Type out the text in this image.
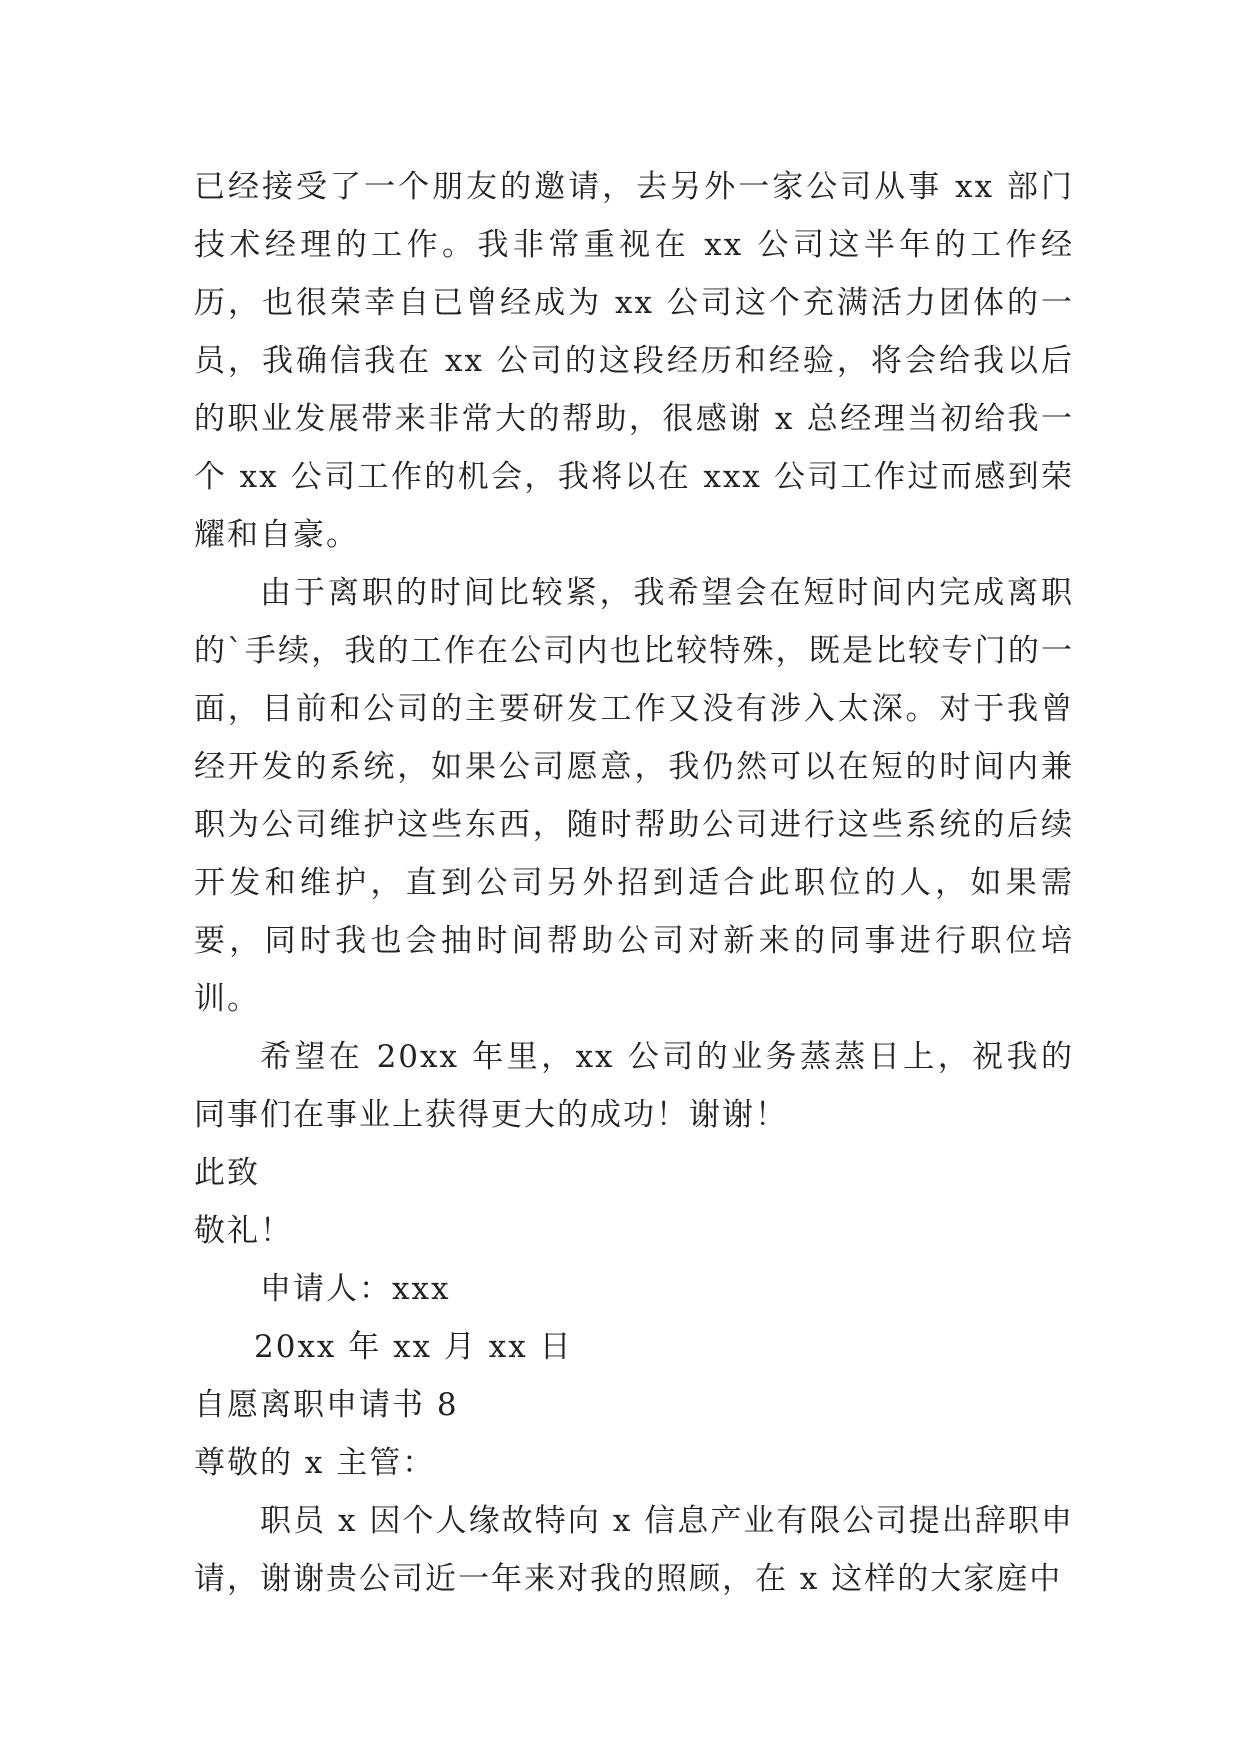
已经接受了一个朋友的邀请，去另外一家公司从事 xx 部门技术经理的工作。我非常重视在 xx 公司这半年的工作经历，也很荣幸自已曾经成为 xx 公司这个充满活力团体的一员，我确信我在 xx 公司的这段经历和经验，将会给我以后的职业发展带来非常大的帮助，很感谢 x 总经理当初给我一个 xx 公司工作的机会，我将以在 xxx 公司工作过而感到荣耀和自豪。

由于离职的时间比较紧，我希望会在短时间内完成离职的`手续，我的工作在公司内也比较特殊，既是比较专门的一面，目前和公司的主要研发工作又没有涉入太深。对于我曾经开发的系统，如果公司愿意，我仍然可以在短的时间内兼职为公司维护这些东西，随时帮助公司进行这些系统的后续开发和维护，直到公司另外招到适合此职位的人，如果需要，同时我也会抽时间帮助公司对新来的同事进行职位培训。

希望在 20xx 年里，xx 公司的业务蒸蒸日上，祝我的同事们在事业上获得更大的成功！谢谢！

此致

敬礼！

申请人：xxx

20xx 年 xx 月 xx 日

自愿离职申请书 8

尊敬的 x 主管：

职员 x 因个人缘故特向 x 信息产业有限公司提出辞职申请，谢谢贵公司近一年来对我的照顾，在 x 这样的大家庭中
